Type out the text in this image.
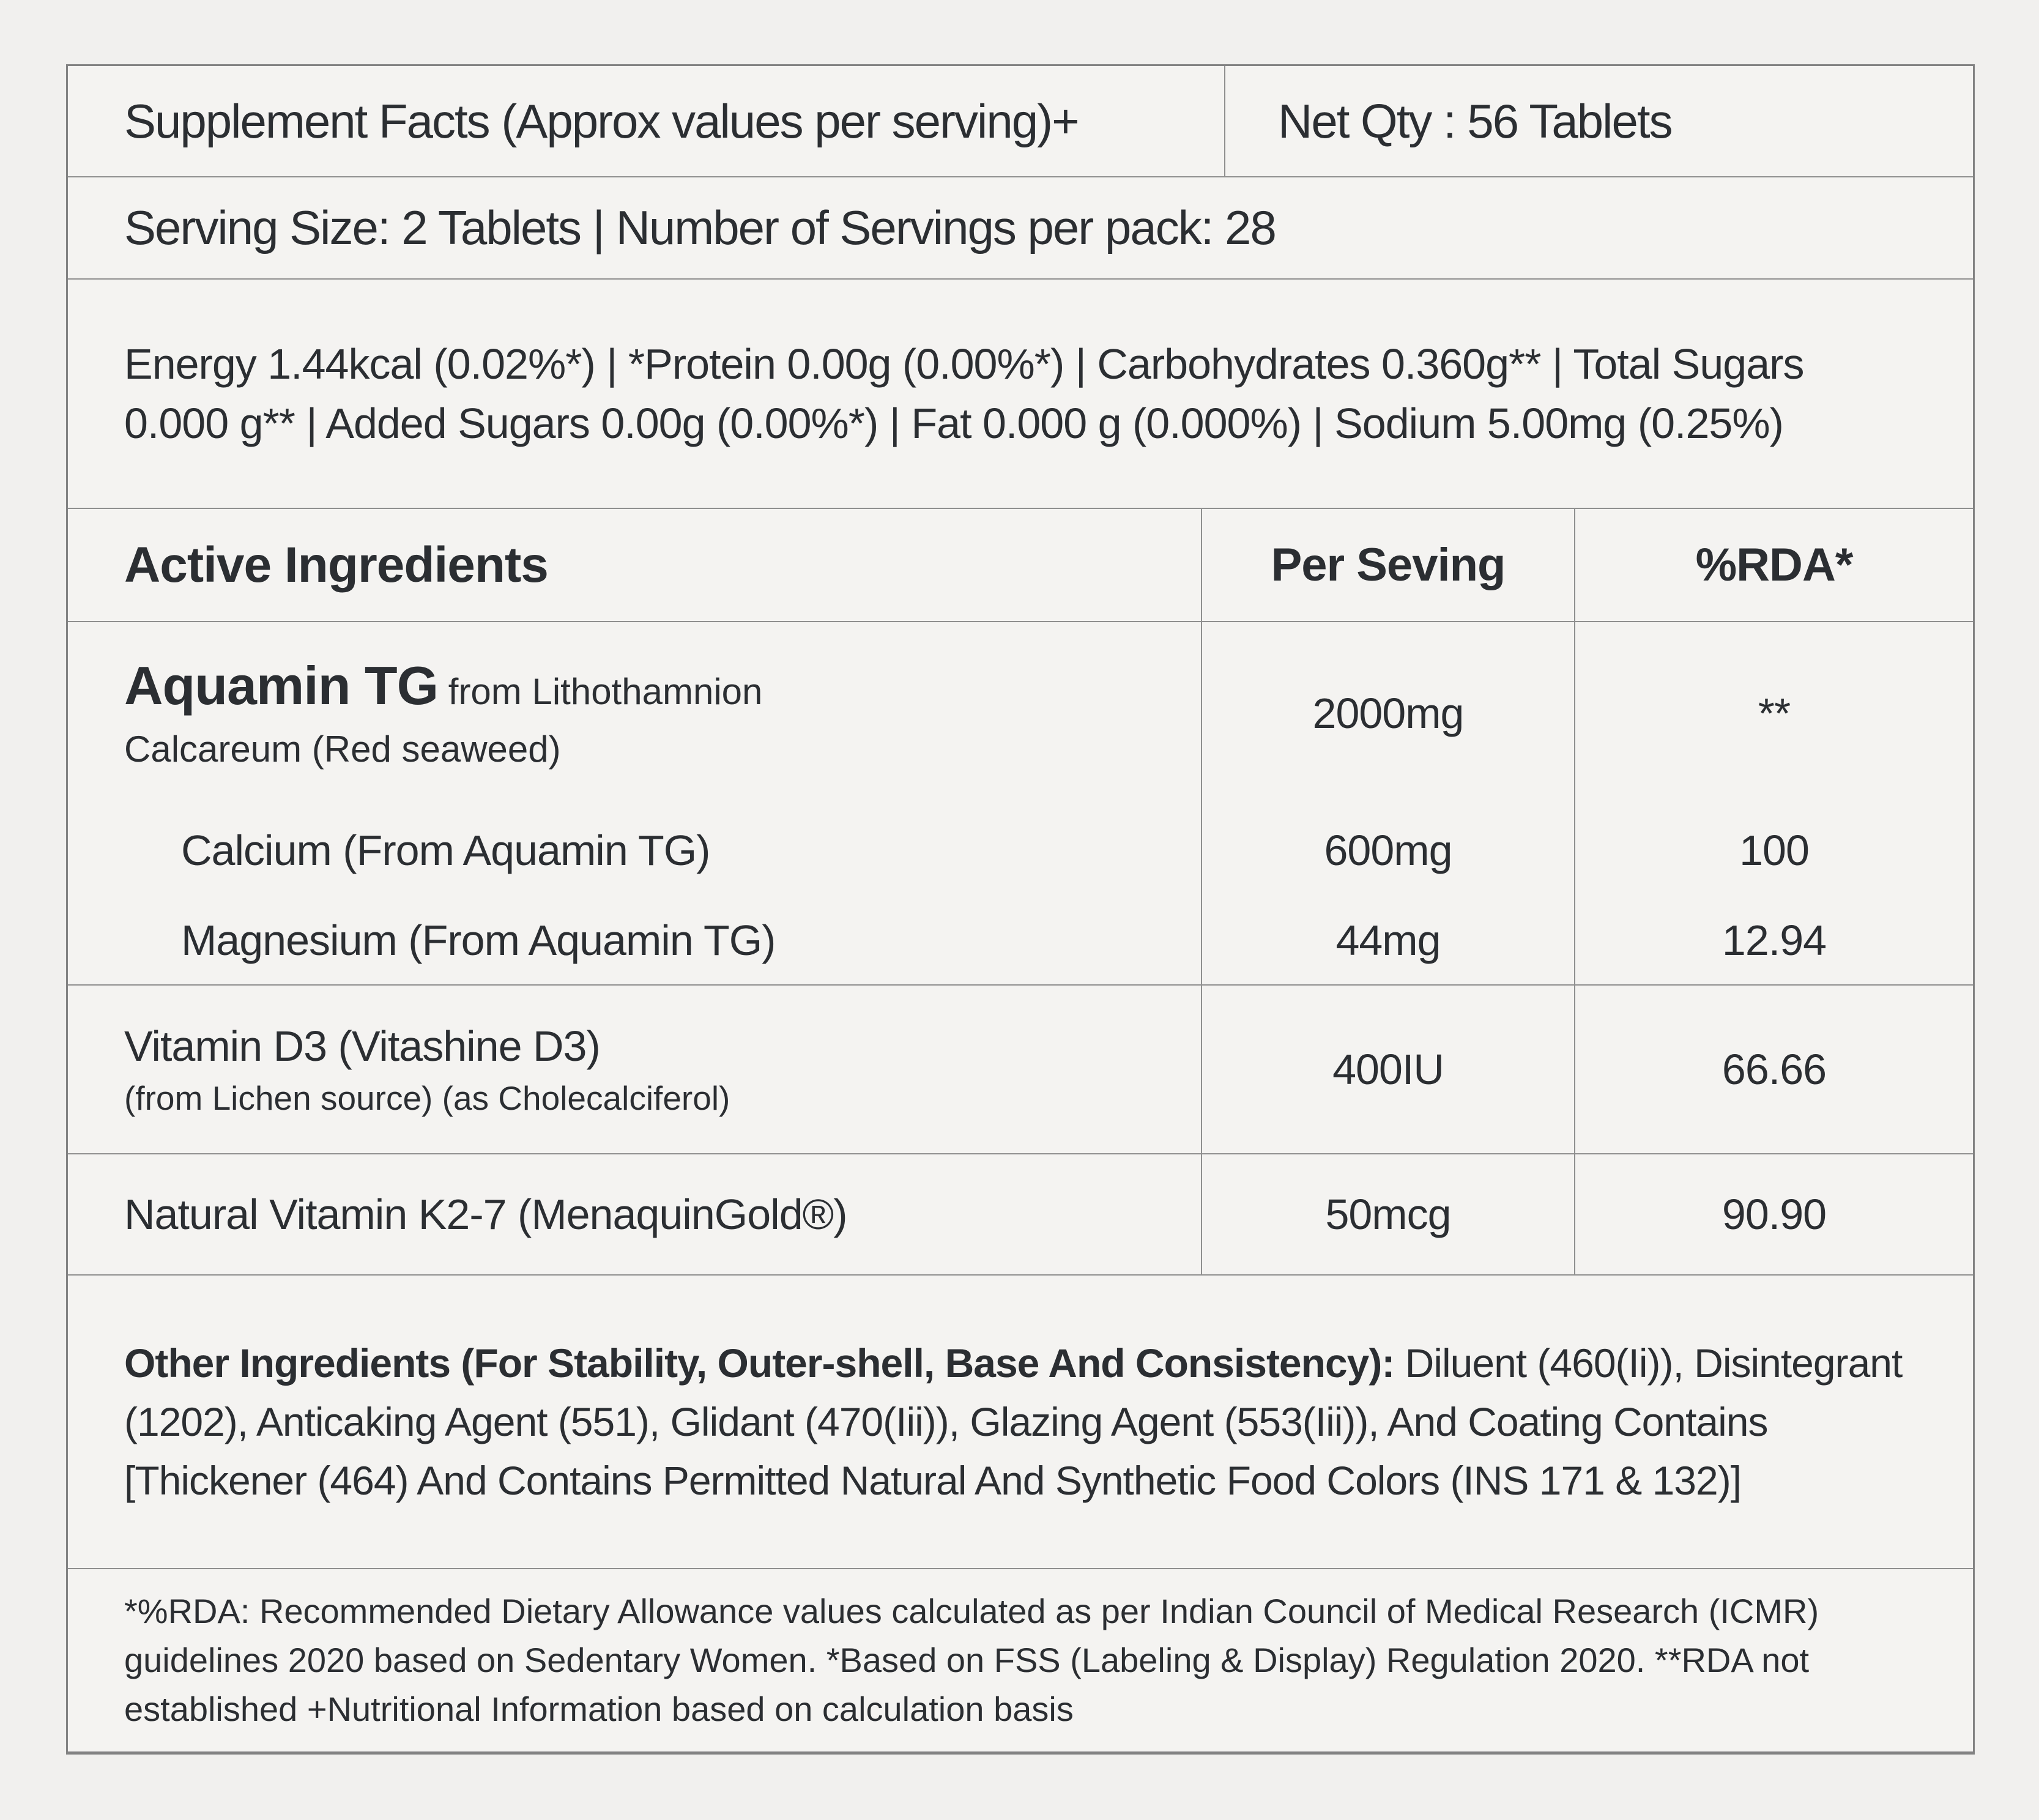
Supplement Facts (Approx values per serving)+	Net Qty : 56 Tablets
Serving Size: 2 Tablets | Number of Servings per pack: 28

Energy 1.44kcal (0.02%*) | *Protein 0.00g (0.00%*) | Carbohydrates 0.360g** | Total Sugars 0.000 g** | Added Sugars 0.00g (0.00%*) | Fat 0.000 g (0.000%) | Sodium 5.00mg (0.25%)

Active Ingredients	Per Seving	%RDA*
Aquamin TG from Lithothamnion
Calcareum (Red seaweed)
2000mg	**
Calcium (From Aquamin TG)	600mg	100
Magnesium (From Aquamin TG)	44mg	12.94
Vitamin D3 (Vitashine D3)
(from Lichen source) (as Cholecalciferol)
400IU	66.66
Natural Vitamin K2-7 (MenaquinGold®)	50mcg	90.90

Other Ingredients (For Stability, Outer-shell, Base And Consistency): Diluent (460(Ii)), Disintegrant (1202), Anticaking Agent (551), Glidant (470(Iii)), Glazing Agent (553(Iii)), And Coating Contains [Thickener (464) And Contains Permitted Natural And Synthetic Food Colors (INS 171 & 132)]

*%RDA: Recommended Dietary Allowance values calculated as per Indian Council of Medical Research (ICMR) guidelines 2020 based on Sedentary Women. *Based on FSS (Labeling & Display) Regulation 2020. **RDA not established +Nutritional Information based on calculation basis
